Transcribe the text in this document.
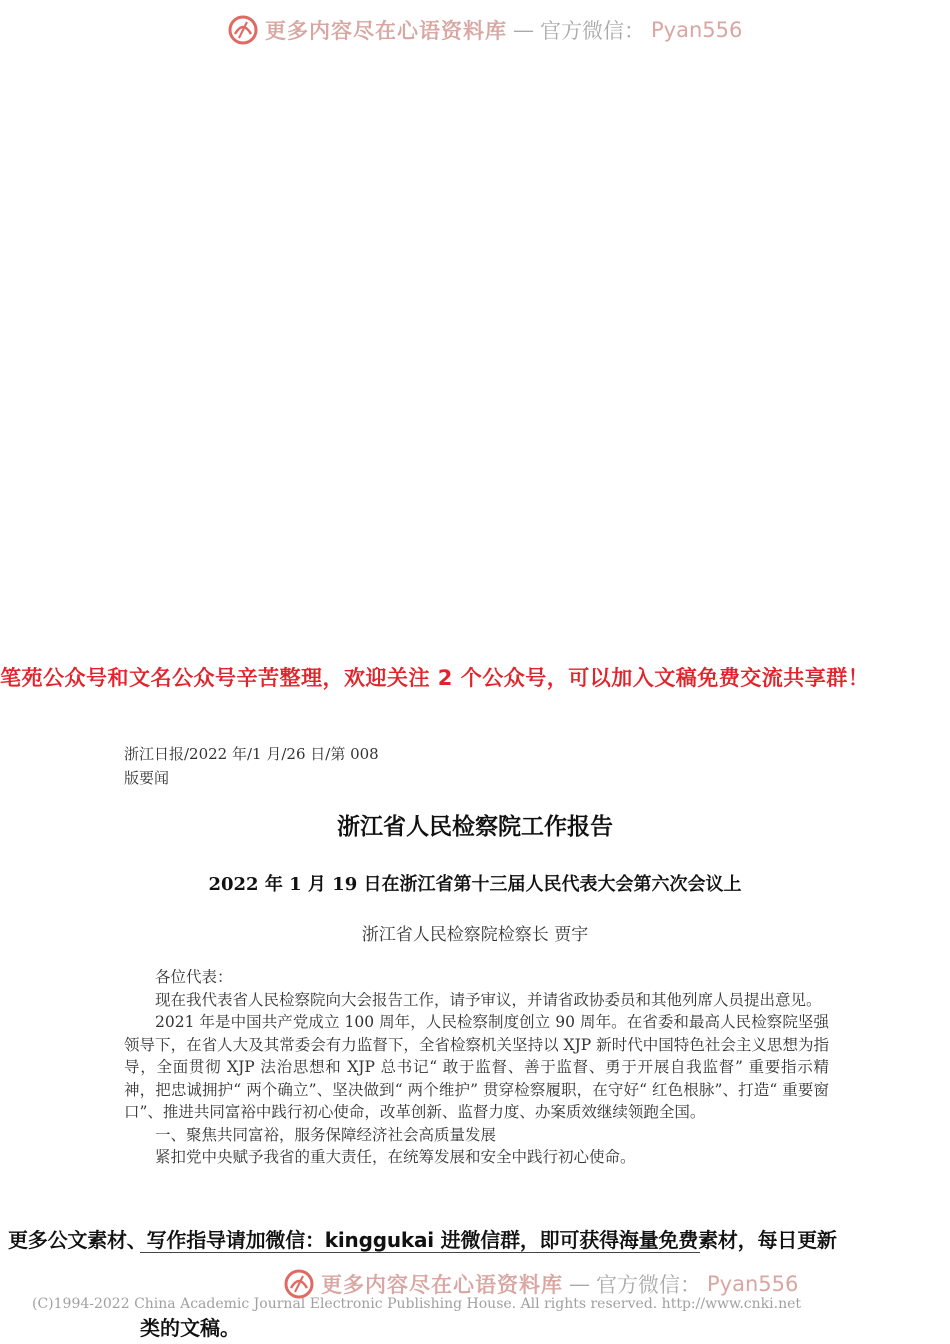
更多内容尽在心语资料库 — 官方微信： Pyan556
笔苑公众号和文名公众号辛苦整理，欢迎关注 2 个公众号，可以加入文稿免费交流共享群！
浙江日报/2022 年/1 月/26 日/第 008
版要闻
浙江省人民检察院工作报告
2022 年 1 月 19 日在浙江省第十三届人民代表大会第六次会议上
浙江省人民检察院检察长 贾宇

各位代表：

现在我代表省人民检察院向大会报告工作，请予审议，并请省政协委员和其他列席人员提出意见。

2021 年是中国共产党成立 100 周年，人民检察制度创立 90 周年。在省委和最高人民检察院坚强领导下，在省人大及其常委会有力监督下，全省检察机关坚持以 XJP 新时代中国特色社会主义思想为指导，全面贯彻 XJP 法治思想和 XJP 总书记“ 敢于监督、善于监督、勇于开展自我监督” 重要指示精神，把忠诚拥护“ 两个确立”、坚决做到“ 两个维护” 贯穿检察履职，在守好“ 红色根脉”、打造“ 重要窗口”、推进共同富裕中践行初心使命，改革创新、监督力度、办案质效继续领跑全国。

一、聚焦共同富裕，服务保障经济社会高质量发展

紧扣党中央赋予我省的重大责任，在统筹发展和安全中践行初心使命。

更多公文素材、写作指导请加微信：kinggukai 进微信群，即可获得海量免费素材，每日更新
更多内容尽在心语资料库 — 官方微信： Pyan556
(C)1994-2022 China Academic Journal Electronic Publishing House. All rights reserved. http://www.cnki.net
类的文稿。
